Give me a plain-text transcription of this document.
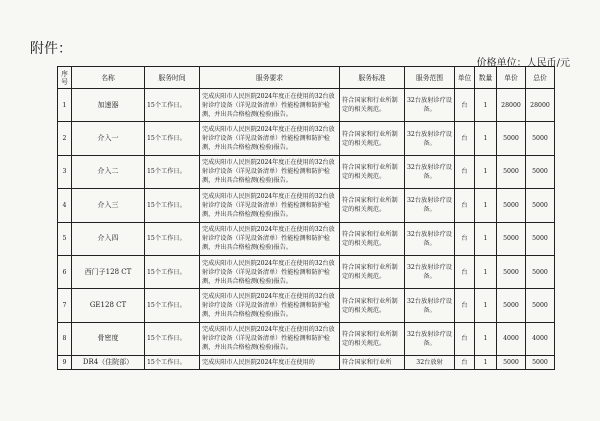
附件：
价格单位：人民币/元
序号	名称	服务时间	服务要求	服务标准	服务范围	单位	数量	单价	总价
1	加速器	15个工作日。	完成庆阳市人民医院2024年度正在使用的32台放射诊疗设备（详见设备清单）性能检测和防护检测，并出具合格检测(检验)报告。	符合国家和行业所制定的相关规范。	32台放射诊疗设备。	台	1	28000	28000
2	介入一	15个工作日。	完成庆阳市人民医院2024年度正在使用的32台放射诊疗设备（详见设备清单）性能检测和防护检测，并出具合格检测(检验)报告。	符合国家和行业所制定的相关规范。	32台放射诊疗设备。	台	1	5000	5000
3	介入二	15个工作日。	完成庆阳市人民医院2024年度正在使用的32台放射诊疗设备（详见设备清单）性能检测和防护检测，并出具合格检测(检验)报告。	符合国家和行业所制定的相关规范。	32台放射诊疗设备。	台	1	5000	5000
4	介入三	15个工作日。	完成庆阳市人民医院2024年度正在使用的32台放射诊疗设备（详见设备清单）性能检测和防护检测，并出具合格检测(检验)报告。	符合国家和行业所制定的相关规范。	32台放射诊疗设备。	台	1	5000	5000
5	介入四	15个工作日。	完成庆阳市人民医院2024年度正在使用的32台放射诊疗设备（详见设备清单）性能检测和防护检测，并出具合格检测(检验)报告。	符合国家和行业所制定的相关规范。	32台放射诊疗设备。	台	1	5000	5000
6	西门子128 CT	15个工作日。	完成庆阳市人民医院2024年度正在使用的32台放射诊疗设备（详见设备清单）性能检测和防护检测，并出具合格检测(检验)报告。	符合国家和行业所制定的相关规范。	32台放射诊疗设备。	台	1	5000	5000
7	GE128 CT	15个工作日。	完成庆阳市人民医院2024年度正在使用的32台放射诊疗设备（详见设备清单）性能检测和防护检测，并出具合格检测(检验)报告。	符合国家和行业所制定的相关规范。	32台放射诊疗设备。	台	1	5000	5000
8	骨密度	15个工作日。	完成庆阳市人民医院2024年度正在使用的32台放射诊疗设备（详见设备清单）性能检测和防护检测，并出具合格检测(检验)报告。	符合国家和行业所制定的相关规范。	32台放射诊疗设备。	台	1	4000	4000
9	DR4（住院部）	15个工作日。	完成庆阳市人民医院2024年度正在使用的	符合国家和行业所	32台放射	台	1	5000	5000
